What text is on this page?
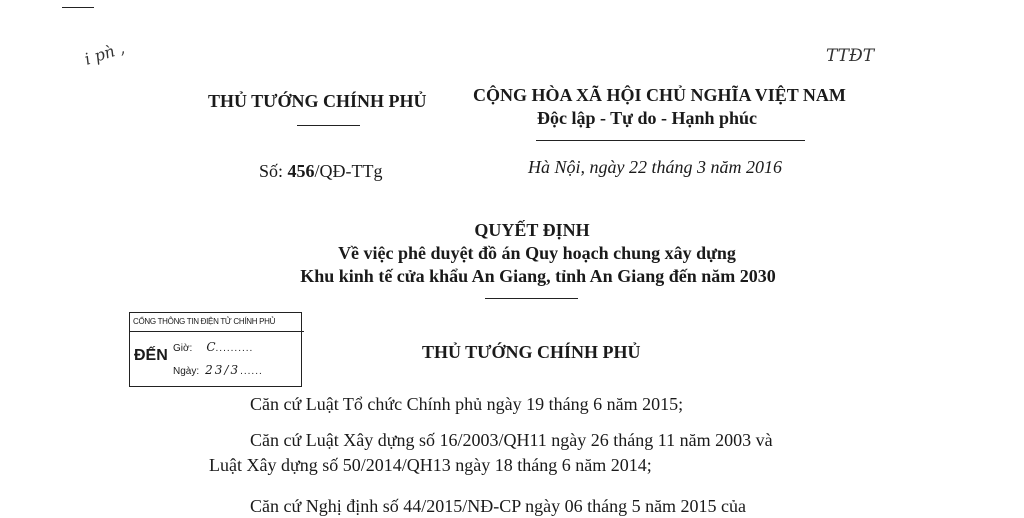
i pǹ ,	TTĐT
THỦ TƯỚNG CHÍNH PHỦ	CỘNG HÒA XÃ HỘI CHỦ NGHĨA VIỆT NAM
Độc lập - Tự do - Hạnh phúc
Số: 456/QĐ-TTg	Hà Nội, ngày 22 tháng 3 năm 2016
QUYẾT ĐỊNH
Về việc phê duyệt đồ án Quy hoạch chung xây dựng
Khu kinh tế cửa khẩu An Giang, tỉnh An Giang đến năm 2030
CỔNG THÔNG TIN ĐIỆN TỬ CHÍNH PHỦ
ĐẾN Giờ: C..........
Ngày: 23/3......
THỦ TƯỚNG CHÍNH PHỦ
Căn cứ Luật Tổ chức Chính phủ ngày 19 tháng 6 năm 2015;
Căn cứ Luật Xây dựng số 16/2003/QH11 ngày 26 tháng 11 năm 2003 và
Luật Xây dựng số 50/2014/QH13 ngày 18 tháng 6 năm 2014;
Căn cứ Nghị định số 44/2015/NĐ-CP ngày 06 tháng 5 năm 2015 của
